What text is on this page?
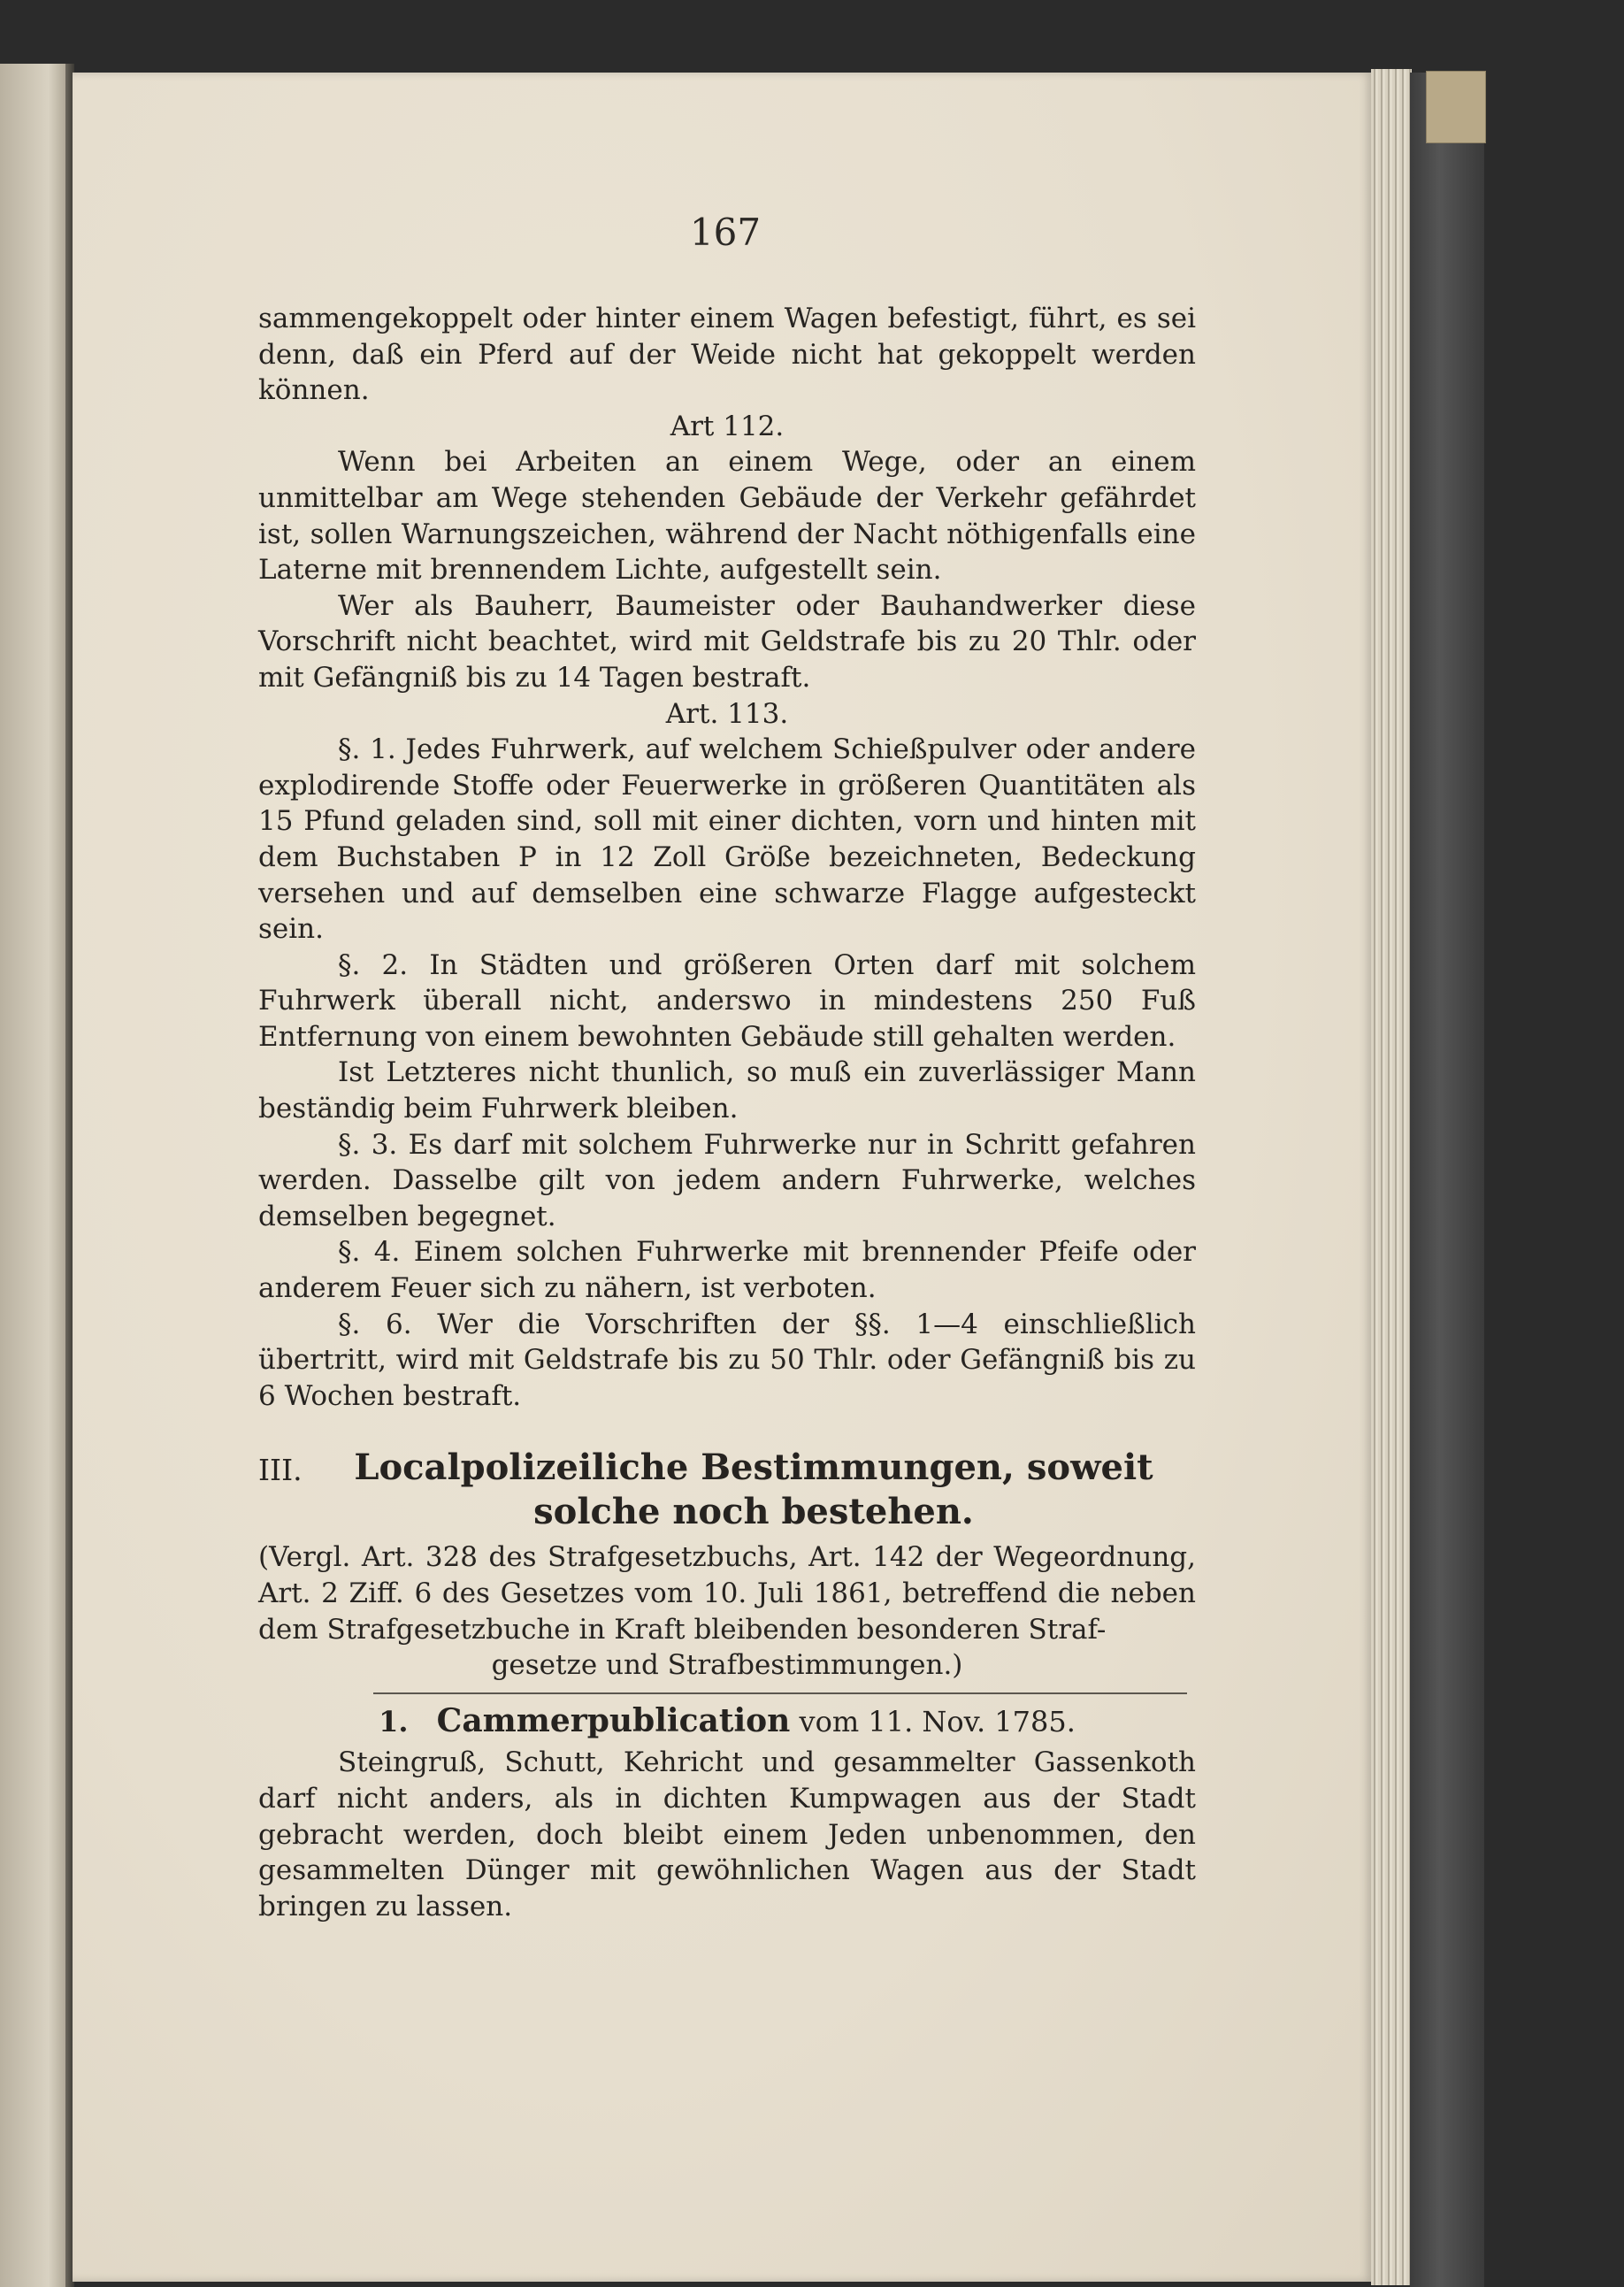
167

sammengekoppelt oder hinter einem Wagen befestigt, führt, es sei denn, daß ein Pferd auf der Weide nicht hat gekoppelt werden können.

Art 112.

Wenn bei Arbeiten an einem Wege, oder an einem unmittelbar am Wege stehenden Gebäude der Verkehr gefährdet ist, sollen Warnungszeichen, während der Nacht nöthigenfalls eine Laterne mit brennendem Lichte, aufgestellt sein.

Wer als Bauherr, Baumeister oder Bauhandwerker diese Vorschrift nicht beachtet, wird mit Geldstrafe bis zu 20 Thlr. oder mit Gefängniß bis zu 14 Tagen bestraft.

Art. 113.

§. 1. Jedes Fuhrwerk, auf welchem Schießpulver oder andere explodirende Stoffe oder Feuerwerke in größeren Quantitäten als 15 Pfund geladen sind, soll mit einer dichten, vorn und hinten mit dem Buchstaben P in 12 Zoll Größe bezeichneten, Bedeckung versehen und auf demselben eine schwarze Flagge aufgesteckt sein.

§. 2. In Städten und größeren Orten darf mit solchem Fuhrwerk überall nicht, anderswo in mindestens 250 Fuß Entfernung von einem bewohnten Gebäude still gehalten werden.

Ist Letzteres nicht thunlich, so muß ein zuverlässiger Mann beständig beim Fuhrwerk bleiben.

§. 3. Es darf mit solchem Fuhrwerke nur in Schritt gefahren werden. Dasselbe gilt von jedem andern Fuhrwerke, welches demselben begegnet.

§. 4. Einem solchen Fuhrwerke mit brennender Pfeife oder anderem Feuer sich zu nähern, ist verboten.

§. 6. Wer die Vorschriften der §§. 1—4 einschließlich übertritt, wird mit Geldstrafe bis zu 50 Thlr. oder Gefängniß bis zu 6 Wochen bestraft.

III.	Localpolizeiliche Bestimmungen, soweit
solche noch bestehen.

(Vergl. Art. 328 des Strafgesetzbuchs, Art. 142 der Wegeordnung, Art. 2 Ziff. 6 des Gesetzes vom 10. Juli 1861, betreffend die neben dem Strafgesetzbuche in Kraft bleibenden besonderen Straf-

gesetze und Strafbestimmungen.)

1. Cammerpublication vom 11. Nov. 1785.

Steingruß, Schutt, Kehricht und gesammelter Gassenkoth darf nicht anders, als in dichten Kumpwagen aus der Stadt gebracht werden, doch bleibt einem Jeden unbenommen, den gesammelten Dünger mit gewöhnlichen Wagen aus der Stadt bringen zu lassen.
